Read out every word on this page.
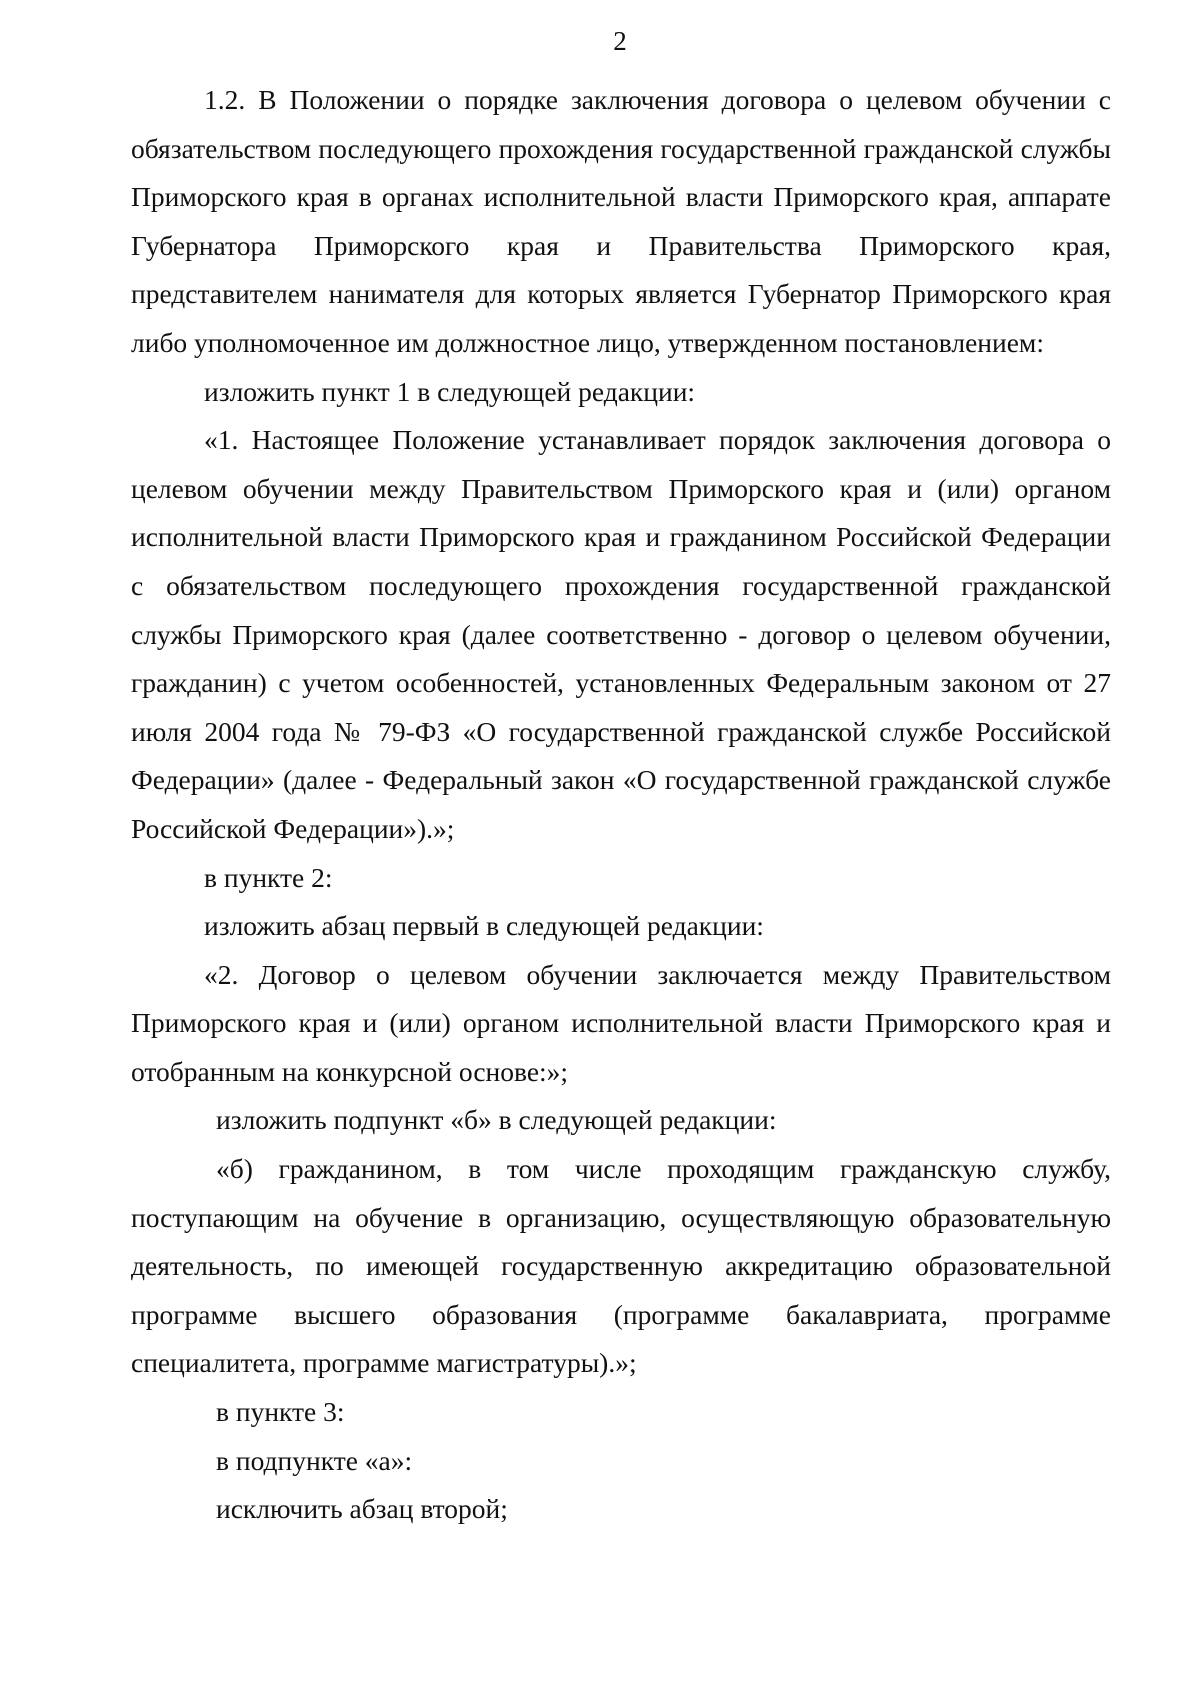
2

1.2. В Положении о порядке заключения договора о целевом обучении с обязательством последующего прохождения государственной гражданской службы Приморского края в органах исполнительной власти Приморского края, аппарате Губернатора Приморского края и Правительства Приморского края, представителем нанимателя для которых является Губернатор Приморского края либо уполномоченное им должностное лицо, утвержденном постановлением:

изложить пункт 1 в следующей редакции:

«1. Настоящее Положение устанавливает порядок заключения договора о целевом обучении между Правительством Приморского края и (или) органом исполнительной власти Приморского края и гражданином Российской Федерации с обязательством последующего прохождения государственной гражданской службы Приморского края (далее соответственно - договор о целевом обучении, гражданин) с учетом особенностей, установленных Федеральным законом от 27 июля 2004 года № 79-ФЗ «О государственной гражданской службе Российской Федерации» (далее - Федеральный закон «О государственной гражданской службе Российской Федерации»).»;

в пункте 2:

изложить абзац первый в следующей редакции:

«2. Договор о целевом обучении заключается между Правительством Приморского края и (или) органом исполнительной власти Приморского края и отобранным на конкурсной основе:»;

изложить подпункт «б» в следующей редакции:

«б) гражданином, в том числе проходящим гражданскую службу, поступающим на обучение в организацию, осуществляющую образовательную деятельность, по имеющей государственную аккредитацию образовательной программе высшего образования (программе бакалавриата, программе специалитета, программе магистратуры).»;

в пункте 3:

в подпункте «а»:

исключить абзац второй;
